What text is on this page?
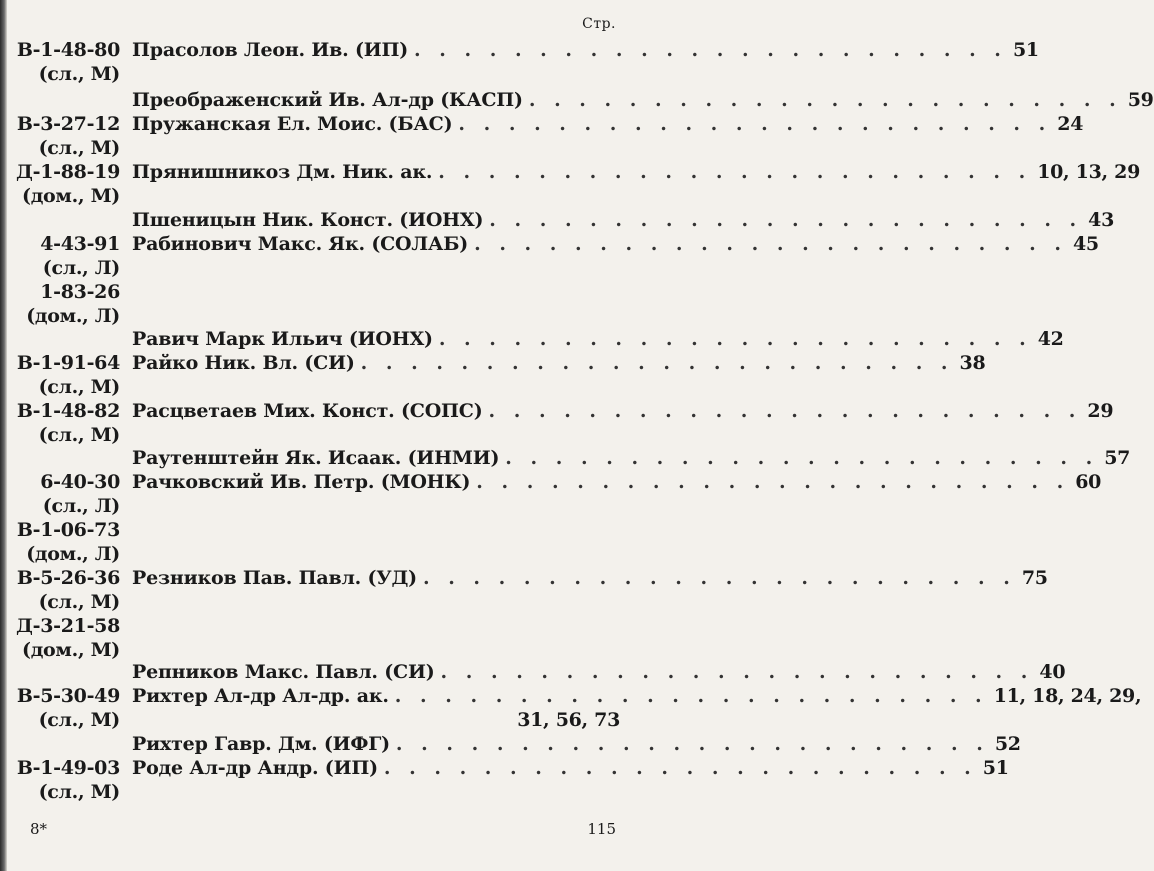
Стр.
В-1-48-80 Прасолов Леон. Ив. (ИП) . . . . . . . . . . . . . . . . . . . . . . . . 51
(сл., М)
Преображенский Ив. Ал-др (КАСП) . . . . . . . . . . . . . . . . . . . . . . . . 59
В-3-27-12 Пружанская Ел. Моис. (БАС) . . . . . . . . . . . . . . . . . . . . . . . . 24
(сл., М)
Д-1-88-19 Прянишникоз Дм. Ник. ак. . . . . . . . . . . . . . . . . . . . . . . . . 10, 13, 29
(дом., М)
Пшеницын Ник. Конст. (ИОНХ) . . . . . . . . . . . . . . . . . . . . . . . . 43
4-43-91 Рабинович Макс. Як. (СОЛАБ) . . . . . . . . . . . . . . . . . . . . . . . . 45
(сл., Л)
1-83-26
(дом., Л)
Равич Марк Ильич (ИОНХ) . . . . . . . . . . . . . . . . . . . . . . . . 42
В-1-91-64 Райко Ник. Вл. (СИ) . . . . . . . . . . . . . . . . . . . . . . . . 38
(сл., М)
В-1-48-82 Расцветаев Мих. Конст. (СОПС) . . . . . . . . . . . . . . . . . . . . . . . . 29
(сл., М)
Раутенштейн Як. Исаак. (ИНМИ) . . . . . . . . . . . . . . . . . . . . . . . . 57
6-40-30 Рачковский Ив. Петр. (МОНК) . . . . . . . . . . . . . . . . . . . . . . . . 60
(сл., Л)
В-1-06-73
(дом., Л)
В-5-26-36 Резников Пав. Павл. (УД) . . . . . . . . . . . . . . . . . . . . . . . . 75
(сл., М)
Д-3-21-58
(дом., М)
Репников Макс. Павл. (СИ) . . . . . . . . . . . . . . . . . . . . . . . . 40
В-5-30-49 Рихтер Ал-др Ал-др. ак. . . . . . . . . . . . . . . . . . . . . . . . . 11, 18, 24, 29,
(сл., М)	31, 56, 73
Рихтер Гавр. Дм. (ИФГ) . . . . . . . . . . . . . . . . . . . . . . . . 52
В-1-49-03 Роде Ал-др Андр. (ИП) . . . . . . . . . . . . . . . . . . . . . . . . 51
(сл., М)
8*	115
